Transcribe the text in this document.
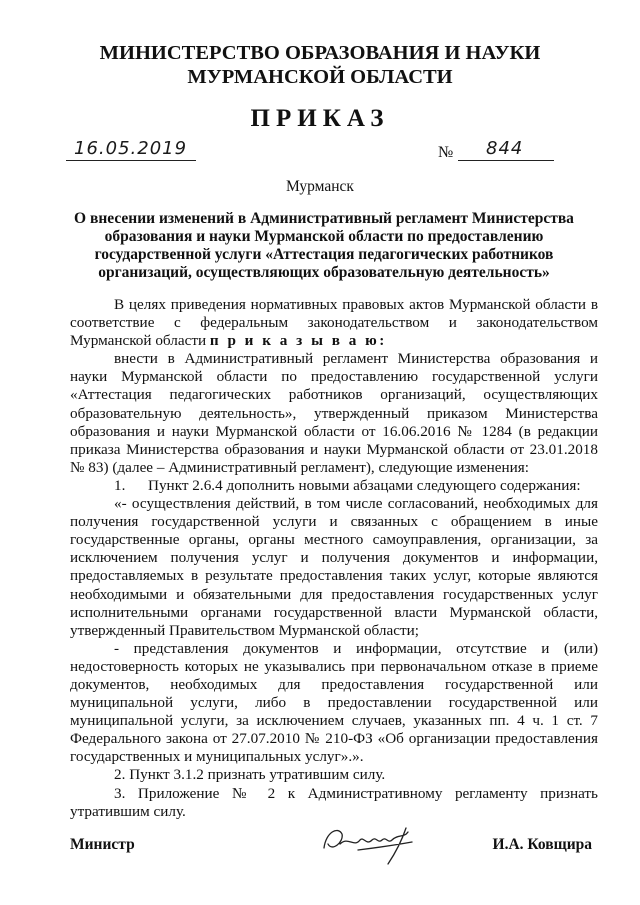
МИНИСТЕРСТВО ОБРАЗОВАНИЯ И НАУКИ
МУРМАНСКОЙ ОБЛАСТИ
ПРИКАЗ
16.05.2019	№ 844
Мурманск
О внесении изменений в Административный регламент Министерства
образования и науки Мурманской области по предоставлению
государственной услуги «Аттестация педагогических работников
организаций, осуществляющих образовательную деятельность»

В целях приведения нормативных правовых актов Мурманской области в соответствие с федеральным законодательством и законодательством Мурманской области п р и к а з ы в а ю:

внести в Административный регламент Министерства образования и науки Мурманской области по предоставлению государственной услуги «Аттестация педагогических работников организаций, осуществляющих образовательную деятельность», утвержденный приказом Министерства образования и науки Мурманской области от 16.06.2016 № 1284 (в редакции приказа Министерства образования и науки Мурманской области от 23.01.2018 № 83) (далее – Административный регламент), следующие изменения:

1. Пункт 2.6.4 дополнить новыми абзацами следующего содержания:

«- осуществления действий, в том числе согласований, необходимых для получения государственной услуги и связанных с обращением в иные государственные органы, органы местного самоуправления, организации, за исключением получения услуг и получения документов и информации, предоставляемых в результате предоставления таких услуг, которые являются необходимыми и обязательными для предоставления государственных услуг исполнительными органами государственной власти Мурманской области, утвержденный Правительством Мурманской области;

- представления документов и информации, отсутствие и (или) недостоверность которых не указывались при первоначальном отказе в приеме документов, необходимых для предоставления государственной или муниципальной услуги, либо в предоставлении государственной или муниципальной услуги, за исключением случаев, указанных пп. 4 ч. 1 ст. 7 Федерального закона от 27.07.2010 № 210-ФЗ «Об организации предоставления государственных и муниципальных услуг».».

2. Пункт 3.1.2 признать утратившим силу.

3. Приложение № 2 к Административному регламенту признать утратившим силу.

Министр	И.А. Ковщира
